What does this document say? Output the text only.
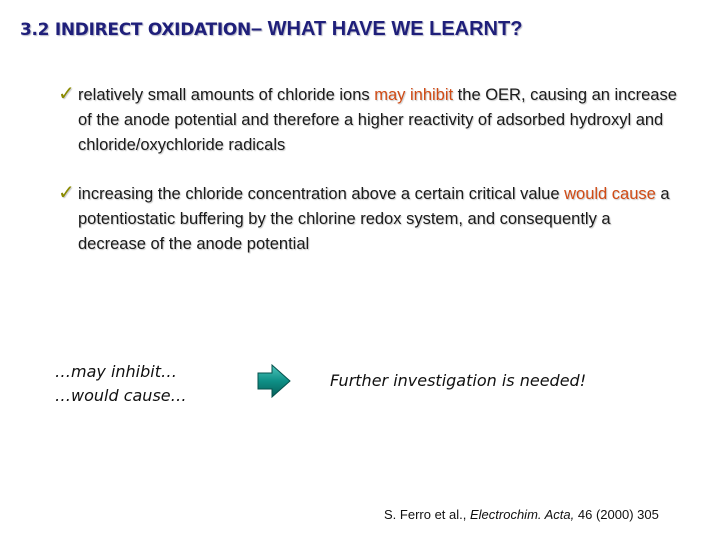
3.2 INDIRECT OXIDATION– WHAT HAVE WE LEARNT?
✓ relatively small amounts of chloride ions may inhibit the OER, causing an increase of the anode potential and therefore a higher reactivity of adsorbed hydroxyl and chloride/oxychloride radicals
✓ increasing the chloride concentration above a certain critical value would cause a potentiostatic buffering by the chlorine redox system, and consequently a decrease of the anode potential
…may inhibit…
…would cause…
Further investigation is needed!
S. Ferro et al., Electrochim. Acta, 46 (2000) 305
